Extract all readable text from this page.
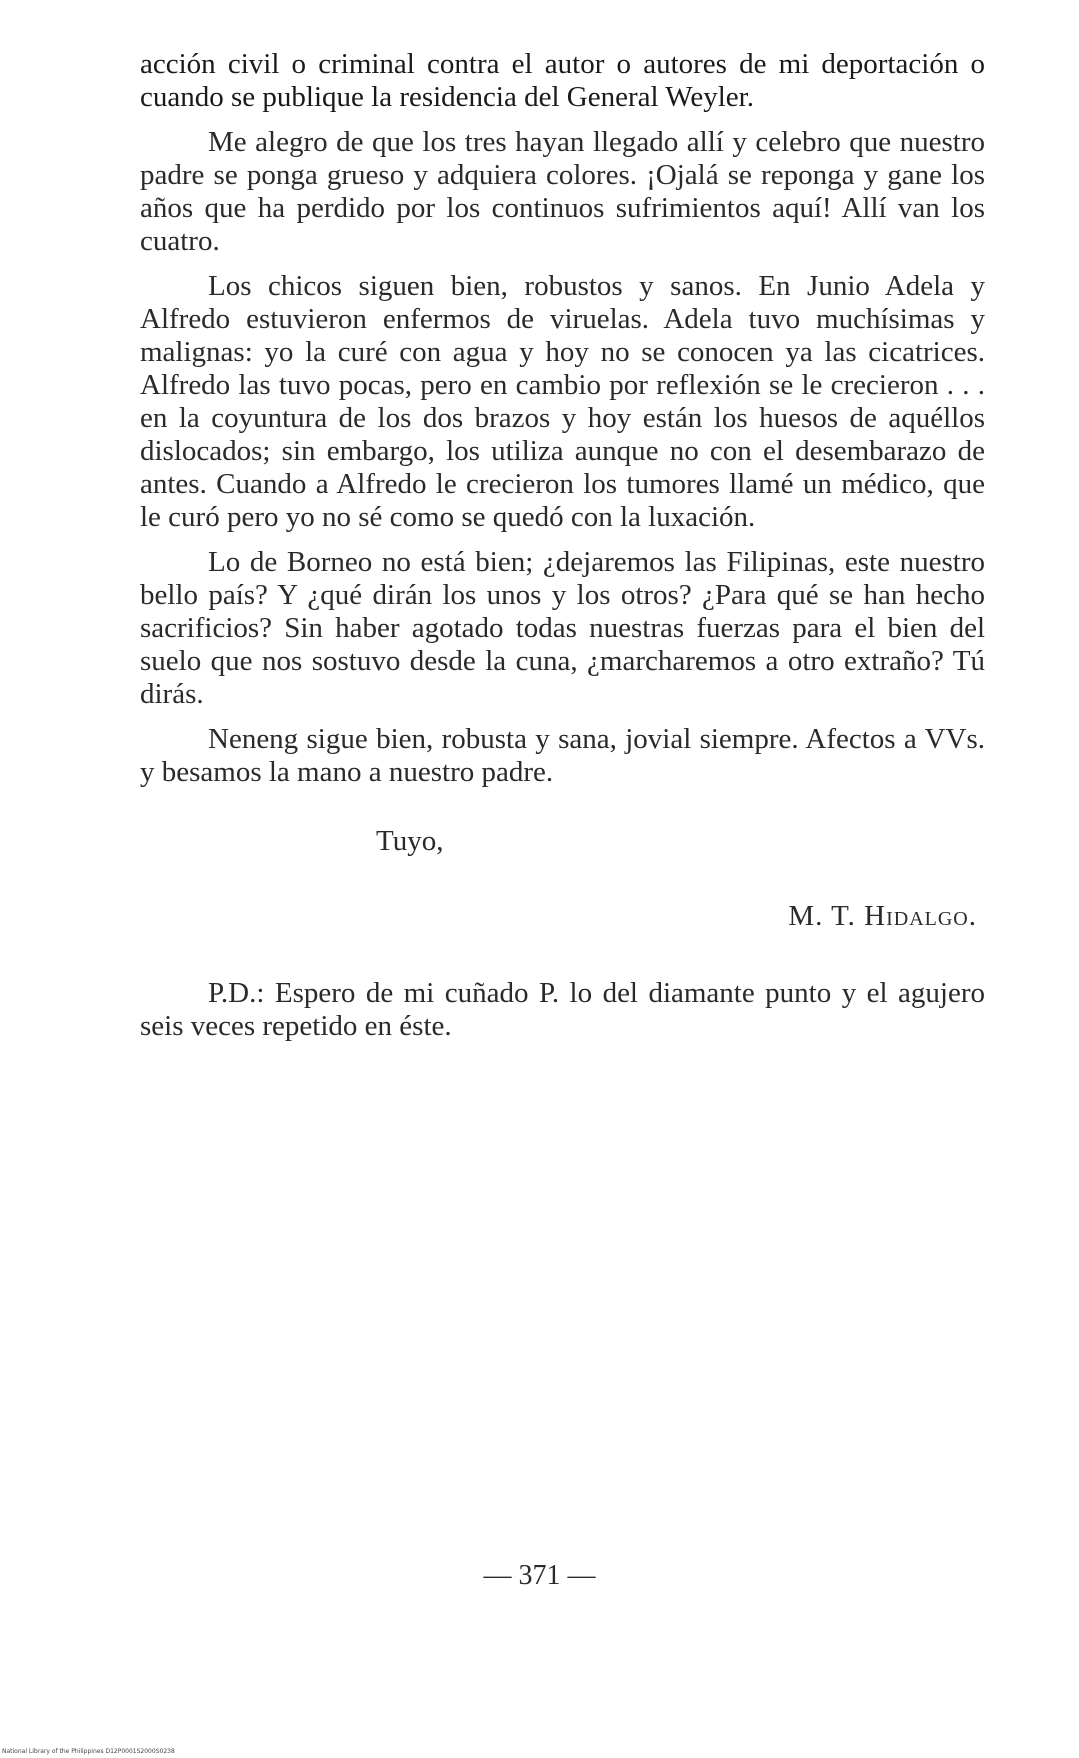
acción civil o criminal contra el autor o autores de mi deportación o cuando se publique la residencia del General Weyler.

Me alegro de que los tres hayan llegado allí y celebro que nuestro padre se ponga grueso y adquiera colores. ¡Ojalá se reponga y gane los años que ha perdido por los continuos sufrimientos aquí! Allí van los cuatro.

Los chicos siguen bien, robustos y sanos. En Junio Adela y Alfredo estuvieron enfermos de viruelas. Adela tuvo muchísimas y malignas: yo la curé con agua y hoy no se conocen ya las cicatrices. Alfredo las tuvo pocas, pero en cambio por reflexión se le crecieron . . . en la coyuntura de los dos brazos y hoy están los huesos de aquéllos dislocados; sin embargo, los utiliza aunque no con el desembarazo de antes. Cuando a Alfredo le crecieron los tumores llamé un médico, que le curó pero yo no sé como se quedó con la luxación.

Lo de Borneo no está bien; ¿dejaremos las Filipinas, este nuestro bello país? Y ¿qué dirán los unos y los otros? ¿Para qué se han hecho sacrificios? Sin haber agotado todas nuestras fuerzas para el bien del suelo que nos sostuvo desde la cuna, ¿marcharemos a otro extraño? Tú dirás.

Neneng sigue bien, robusta y sana, jovial siempre. Afectos a VVs. y besamos la mano a nuestro padre.

Tuyo,
M. T. Hidalgo.

P.D.: Espero de mi cuñado P. lo del diamante punto y el agujero seis veces repetido en éste.

— 371 —
National Library of the Philippines D12P0001S2000S0238
